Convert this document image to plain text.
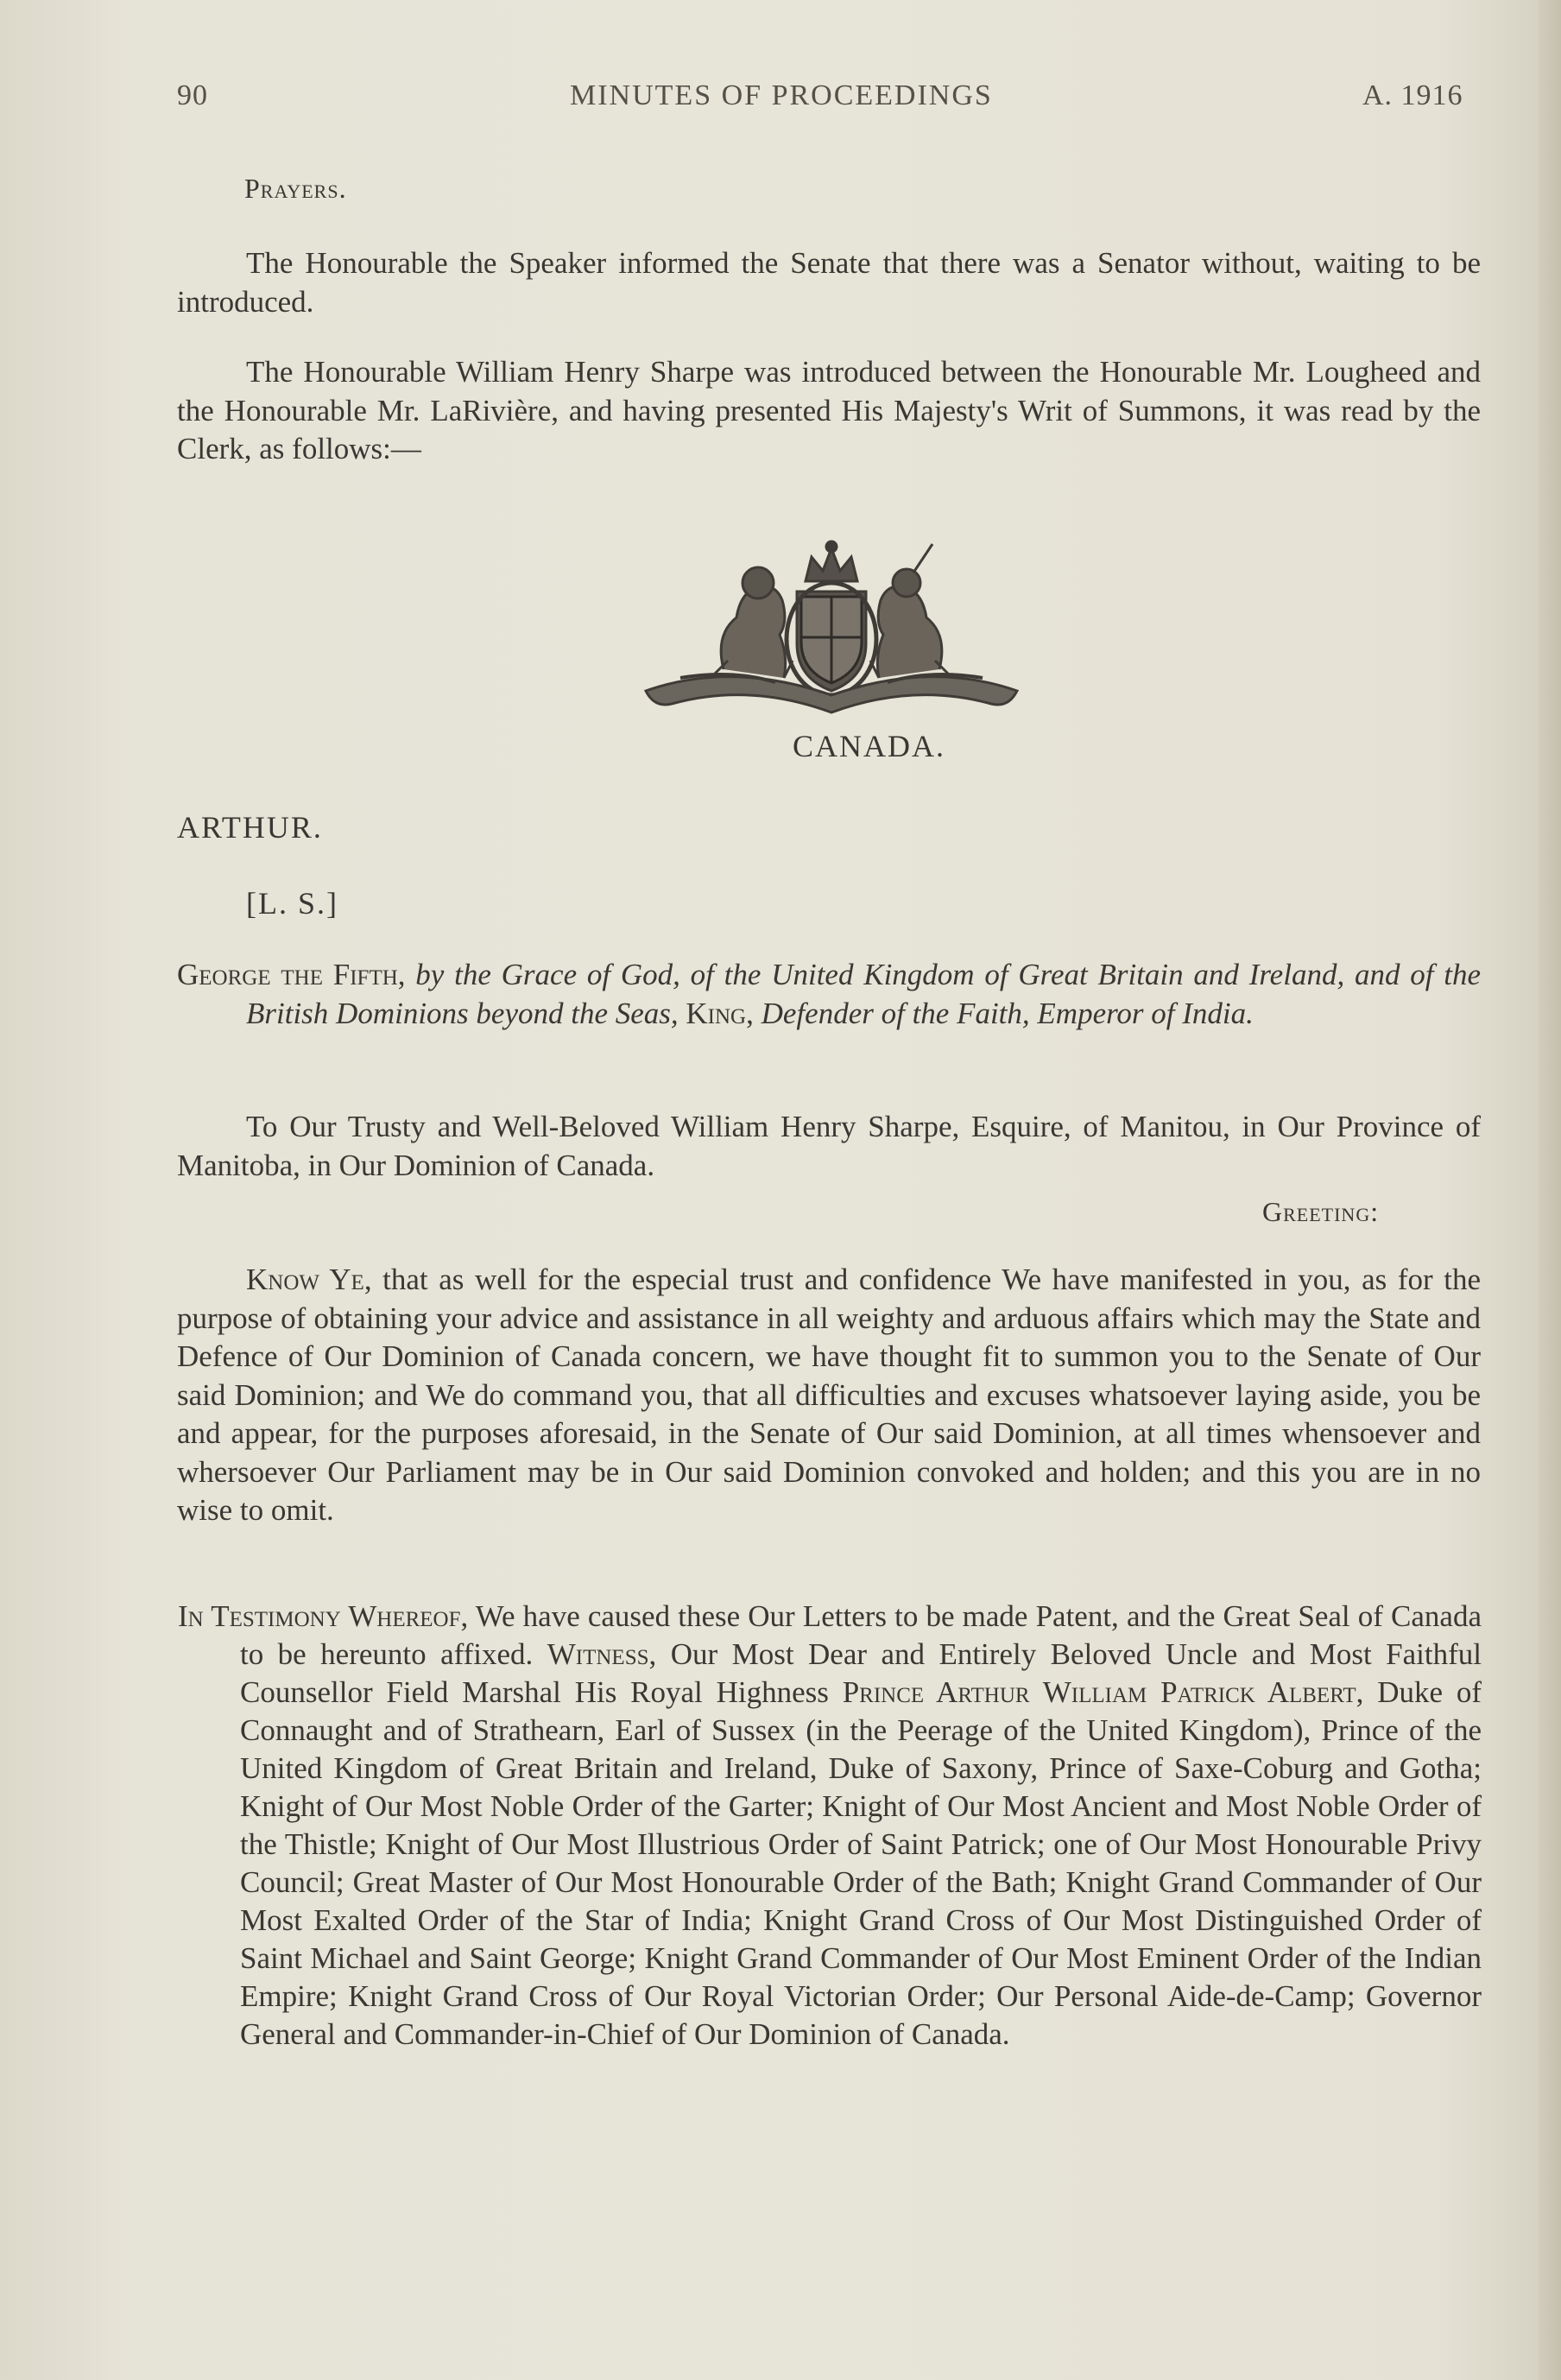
90	MINUTES OF PROCEEDINGS	A. 1916
Prayers.
The Honourable the Speaker informed the Senate that there was a Senator without, waiting to be introduced.
The Honourable William Henry Sharpe was introduced between the Honourable Mr. Lougheed and the Honourable Mr. LaRivière, and having presented His Majesty's Writ of Summons, it was read by the Clerk, as follows:—
CANADA.
ARTHUR.
[L. S.]
George the Fifth, by the Grace of God, of the United Kingdom of Great Britain and Ireland, and of the British Dominions beyond the Seas, King, Defender of the Faith, Emperor of India.
To Our Trusty and Well-Beloved William Henry Sharpe, Esquire, of Manitou, in Our Province of Manitoba, in Our Dominion of Canada.
Greeting:
Know Ye, that as well for the especial trust and confidence We have manifested in you, as for the purpose of obtaining your advice and assistance in all weighty and arduous affairs which may the State and Defence of Our Dominion of Canada concern, we have thought fit to summon you to the Senate of Our said Dominion; and We do command you, that all difficulties and excuses whatsoever laying aside, you be and appear, for the purposes aforesaid, in the Senate of Our said Dominion, at all times whensoever and whersoever Our Parliament may be in Our said Dominion convoked and holden; and this you are in no wise to omit.
In Testimony Whereof, We have caused these Our Letters to be made Patent, and the Great Seal of Canada to be hereunto affixed. Witness, Our Most Dear and Entirely Beloved Uncle and Most Faithful Counsellor Field Marshal His Royal Highness Prince Arthur William Patrick Albert, Duke of Connaught and of Strathearn, Earl of Sussex (in the Peerage of the United Kingdom), Prince of the United Kingdom of Great Britain and Ireland, Duke of Saxony, Prince of Saxe-Coburg and Gotha; Knight of Our Most Noble Order of the Garter; Knight of Our Most Ancient and Most Noble Order of the Thistle; Knight of Our Most Illustrious Order of Saint Patrick; one of Our Most Honourable Privy Council; Great Master of Our Most Honourable Order of the Bath; Knight Grand Commander of Our Most Exalted Order of the Star of India; Knight Grand Cross of Our Most Distinguished Order of Saint Michael and Saint George; Knight Grand Commander of Our Most Eminent Order of the Indian Empire; Knight Grand Cross of Our Royal Victorian Order; Our Personal Aide-de-Camp; Governor General and Commander-in-Chief of Our Dominion of Canada.
